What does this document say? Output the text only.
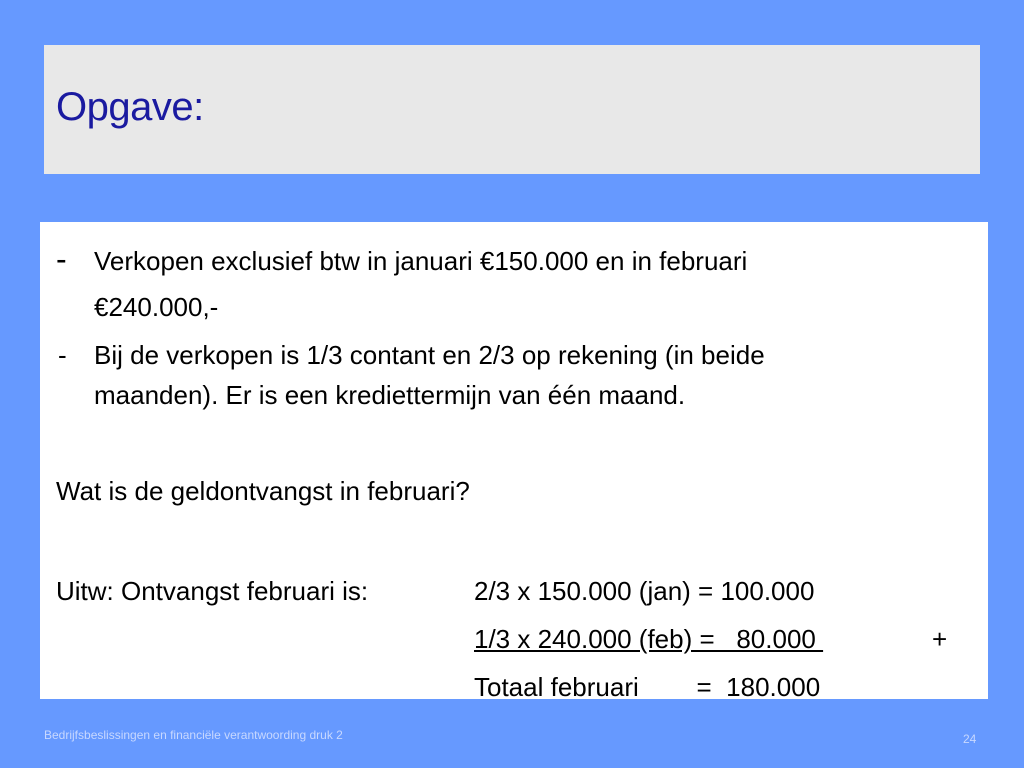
Opgave:
- Verkopen exclusief btw in januari €150.000 en in februari
€240.000,-
- Bij de verkopen is 1/3 contant en 2/3 op rekening (in beide
maanden). Er is een krediettermijn van één maand.
Wat is de geldontvangst in februari?
Uitw: Ontvangst februari is:	2/3 x 150.000 (jan) = 100.000
1/3 x 240.000 (feb) =   80.000	+
Totaal februari        =  180.000
Bedrijfsbeslissingen en financiële verantwoording druk 2	24
